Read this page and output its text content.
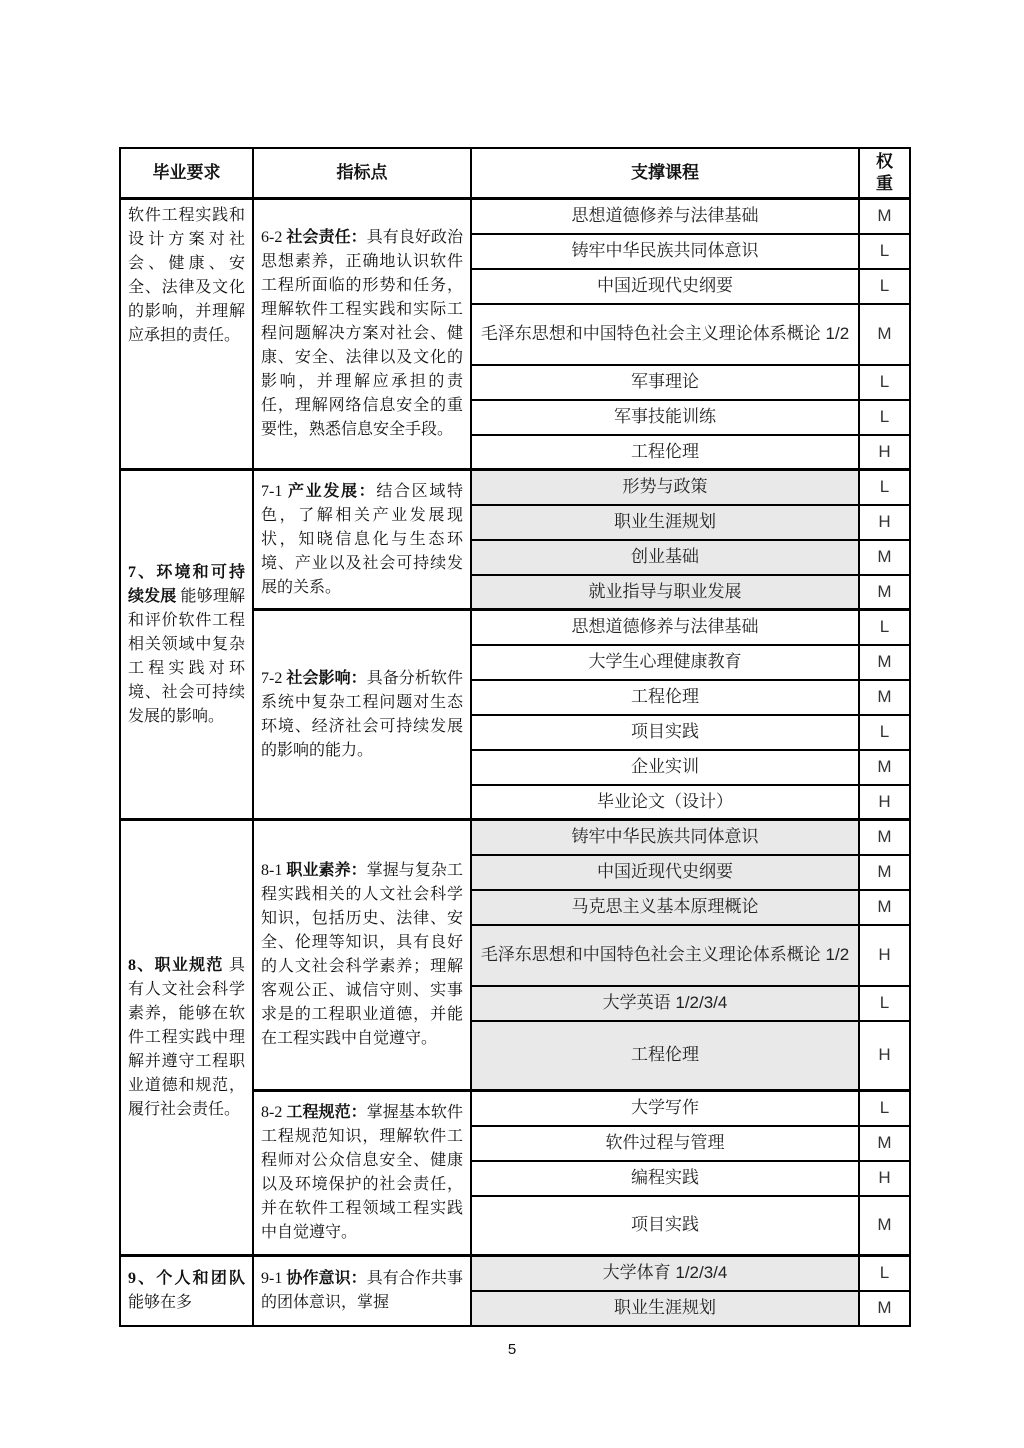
毕业要求	指标点	支撑课程	权重
软件工程实践和设计方案对社会、健康、安全、法律及文化的影响，并理解应承担的责任。	6-2 社会责任：具有良好政治思想素养，正确地认识软件工程所面临的形势和任务，理解软件工程实践和实际工程问题解决方案对社会、健康、安全、法律以及文化的影响，并理解应承担的责任，理解网络信息安全的重要性，熟悉信息安全手段。	思想道德修养与法律基础	M
		铸牢中华民族共同体意识	L
		中国近现代史纲要	L
		毛泽东思想和中国特色社会主义理论体系概论 1/2	M
		军事理论	L
		军事技能训练	L
		工程伦理	H
7、环境和可持续发展 能够理解和评价软件工程相关领域中复杂工程实践对环境、社会可持续发展的影响。	7-1 产业发展：结合区域特色，了解相关产业发展现状，知晓信息化与生态环境、产业以及社会可持续发展的关系。	形势与政策	L
		职业生涯规划	H
		创业基础	M
		就业指导与职业发展	M
	7-2 社会影响：具备分析软件系统中复杂工程问题对生态环境、经济社会可持续发展的影响的能力。	思想道德修养与法律基础	L
		大学生心理健康教育	M
		工程伦理	M
		项目实践	L
		企业实训	M
		毕业论文（设计）	H
8、职业规范 具有人文社会科学素养，能够在软件工程实践中理解并遵守工程职业道德和规范，履行社会责任。	8-1 职业素养：掌握与复杂工程实践相关的人文社会科学知识，包括历史、法律、安全、伦理等知识，具有良好的人文社会科学素养；理解客观公正、诚信守则、实事求是的工程职业道德，并能在工程实践中自觉遵守。	铸牢中华民族共同体意识	M
		中国近现代史纲要	M
		马克思主义基本原理概论	M
		毛泽东思想和中国特色社会主义理论体系概论 1/2	H
		大学英语 1/2/3/4	L
		工程伦理	H
	8-2 工程规范：掌握基本软件工程规范知识，理解软件工程师对公众信息安全、健康以及环境保护的社会责任，并在软件工程领域工程实践中自觉遵守。	大学写作	L
		软件过程与管理	M
		编程实践	H
		项目实践	M
9、个人和团队 能够在多	9-1 协作意识：具有合作共事的团体意识，掌握	大学体育 1/2/3/4	L
		职业生涯规划	M
5
